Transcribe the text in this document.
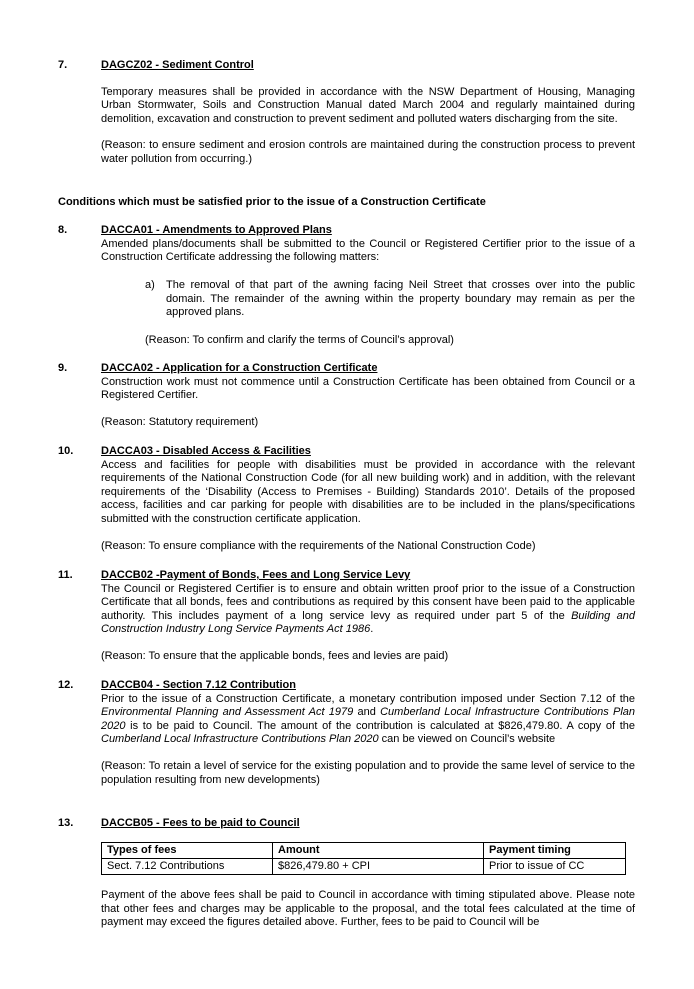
7.	DAGCZ02 - Sediment Control

Temporary measures shall be provided in accordance with the NSW Department of Housing, Managing Urban Stormwater, Soils and Construction Manual dated March 2004 and regularly maintained during demolition, excavation and construction to prevent sediment and polluted waters discharging from the site.

(Reason: to ensure sediment and erosion controls are maintained during the construction process to prevent water pollution from occurring.)

Conditions which must be satisfied prior to the issue of a Construction Certificate
8.	DACCA01 - Amendments to Approved Plans

Amended plans/documents shall be submitted to the Council or Registered Certifier prior to the issue of a Construction Certificate addressing the following matters:

a) The removal of that part of the awning facing Neil Street that crosses over into the public domain. The remainder of the awning within the property boundary may remain as per the approved plans.
(Reason: To confirm and clarify the terms of Council’s approval)
9.	DACCA02 - Application for a Construction Certificate

Construction work must not commence until a Construction Certificate has been obtained from Council or a Registered Certifier.

(Reason: Statutory requirement)

10.	DACCA03 - Disabled Access & Facilities

Access and facilities for people with disabilities must be provided in accordance with the relevant requirements of the National Construction Code (for all new building work) and in addition, with the relevant requirements of the ‘Disability (Access to Premises - Building) Standards 2010’. Details of the proposed access, facilities and car parking for people with disabilities are to be included in the plans/specifications submitted with the construction certificate application.

(Reason: To ensure compliance with the requirements of the National Construction Code)

11.	DACCB02 -Payment of Bonds, Fees and Long Service Levy

The Council or Registered Certifier is to ensure and obtain written proof prior to the issue of a Construction Certificate that all bonds, fees and contributions as required by this consent have been paid to the applicable authority. This includes payment of a long service levy as required under part 5 of the Building and Construction Industry Long Service Payments Act 1986.

(Reason: To ensure that the applicable bonds, fees and levies are paid)

12.	DACCB04 - Section 7.12 Contribution

Prior to the issue of a Construction Certificate, a monetary contribution imposed under Section 7.12 of the Environmental Planning and Assessment Act 1979 and Cumberland Local Infrastructure Contributions Plan 2020 is to be paid to Council. The amount of the contribution is calculated at $826,479.80. A copy of the Cumberland Local Infrastructure Contributions Plan 2020 can be viewed on Council’s website

(Reason: To retain a level of service for the existing population and to provide the same level of service to the population resulting from new developments)

13.	DACCB05 - Fees to be paid to Council

Types of fees	Amount	Payment timing
Sect. 7.12 Contributions	$826,479.80 + CPI	Prior to issue of CC

Payment of the above fees shall be paid to Council in accordance with timing stipulated above. Please note that other fees and charges may be applicable to the proposal, and the total fees calculated at the time of payment may exceed the figures detailed above. Further, fees to be paid to Council will be
